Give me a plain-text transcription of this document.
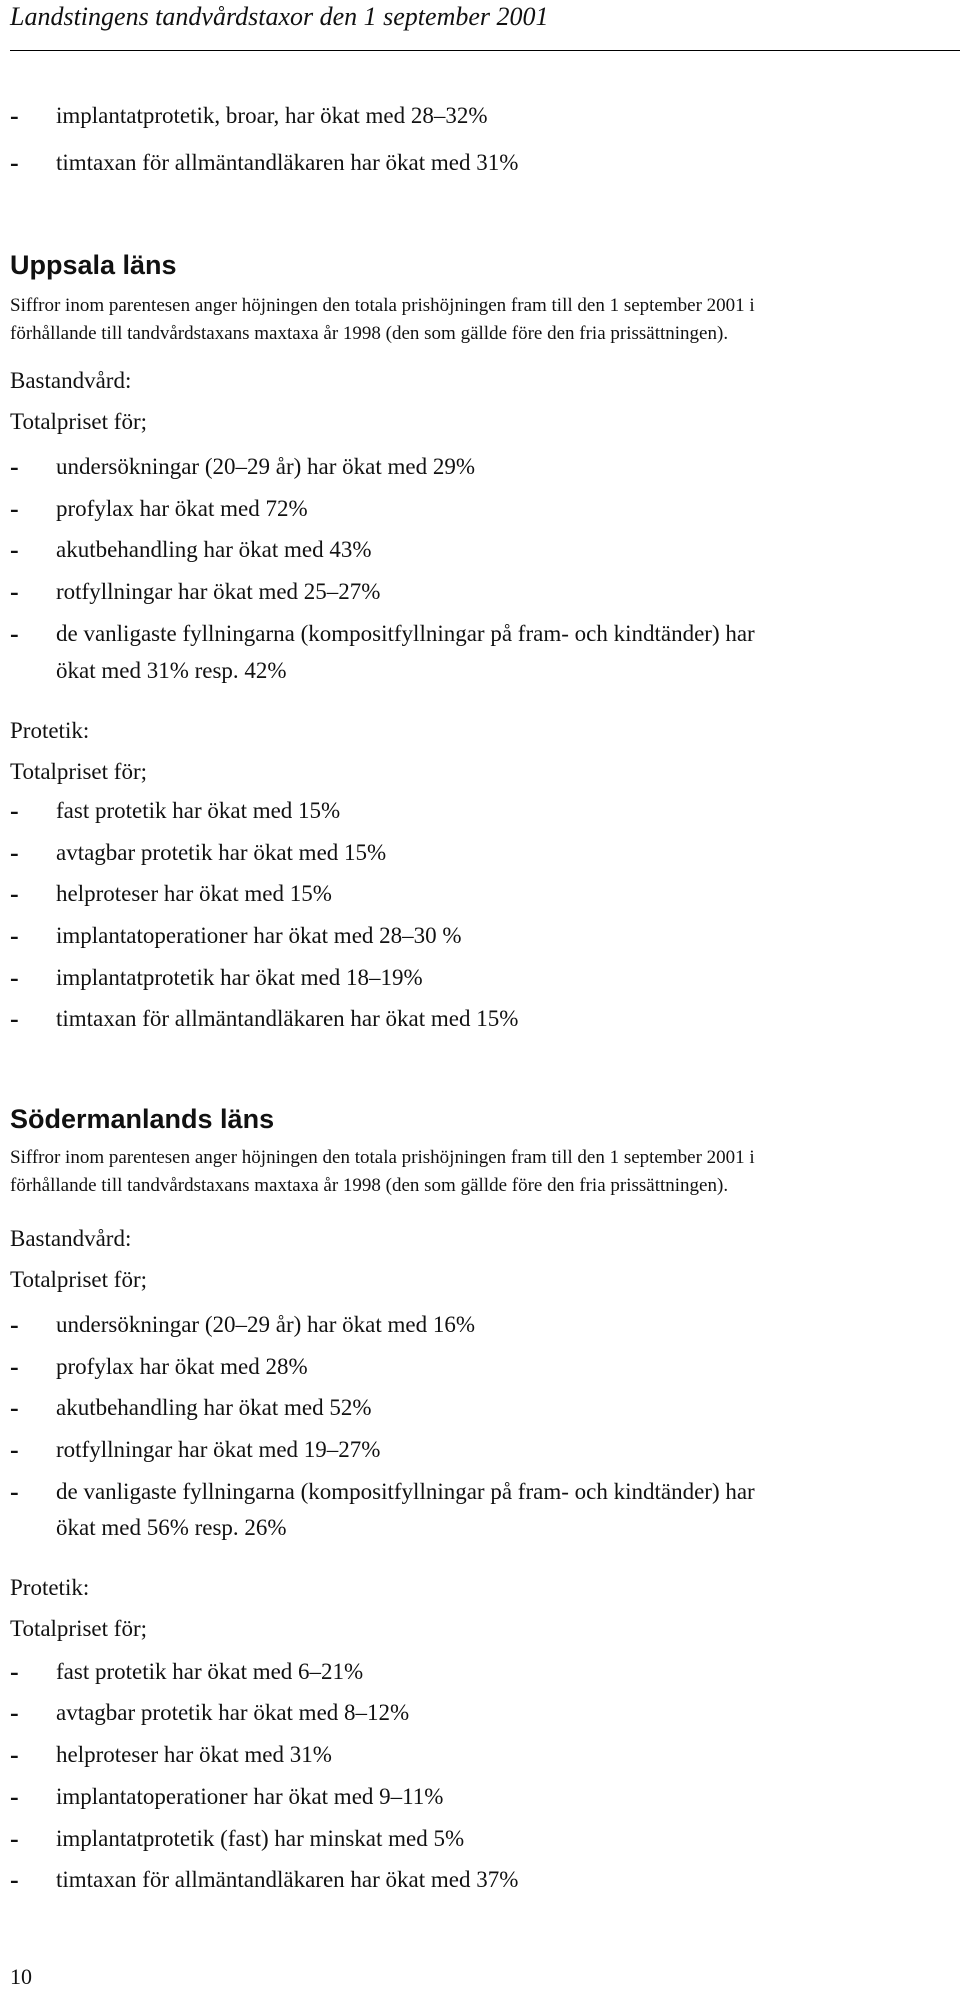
Landstingens tandvårdstaxor den 1 september 2001
-	implantatprotetik, broar, har ökat med 28–32%
-	timtaxan för allmäntandläkaren har ökat med 31%
Uppsala läns
Siffror inom parentesen anger höjningen den totala prishöjningen fram till den 1 september 2001 i
förhållande till tandvårdstaxans maxtaxa år 1998 (den som gällde före den fria prissättningen).
Bastandvård:
Totalpriset för;
-	undersökningar (20–29 år) har ökat med 29%
-	profylax har ökat med 72%
-	akutbehandling har ökat med 43%
-	rotfyllningar har ökat med 25–27%
-	de vanligaste fyllningarna (kompositfyllningar på fram- och kindtänder) har
ökat med 31% resp. 42%
Protetik:
Totalpriset för;
-	fast protetik har ökat med 15%
-	avtagbar protetik har ökat med 15%
-	helproteser har ökat med 15%
-	implantatoperationer har ökat med 28–30 %
-	implantatprotetik har ökat med 18–19%
-	timtaxan för allmäntandläkaren har ökat med 15%
Södermanlands läns
Siffror inom parentesen anger höjningen den totala prishöjningen fram till den 1 september 2001 i
förhållande till tandvårdstaxans maxtaxa år 1998 (den som gällde före den fria prissättningen).
Bastandvård:
Totalpriset för;
-	undersökningar (20–29 år) har ökat med 16%
-	profylax har ökat med 28%
-	akutbehandling har ökat med 52%
-	rotfyllningar har ökat med 19–27%
-	de vanligaste fyllningarna (kompositfyllningar på fram- och kindtänder) har
ökat med 56% resp. 26%
Protetik:
Totalpriset för;
-	fast protetik har ökat med 6–21%
-	avtagbar protetik har ökat med 8–12%
-	helproteser har ökat med 31%
-	implantatoperationer har ökat med 9–11%
-	implantatprotetik (fast) har minskat med 5%
-	timtaxan för allmäntandläkaren har ökat med 37%
10
